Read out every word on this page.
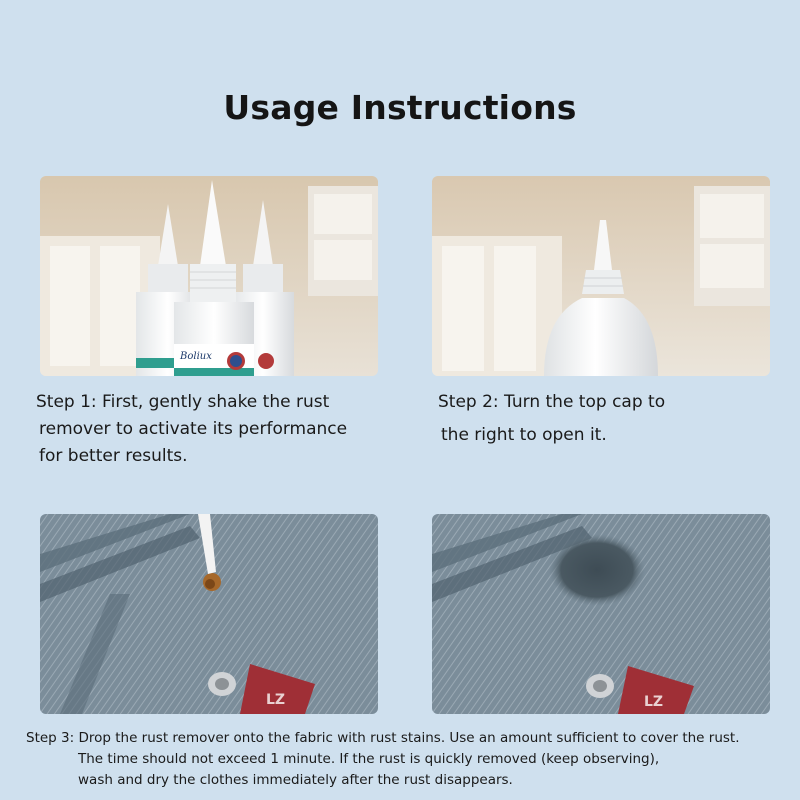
Usage Instructions
Boliux
LZ	LZ
Step 1: First, gently shake the rust
remover to activate its performance
for better results.
Step 2: Turn the top cap to
the right to open it.
Step 3: Drop the rust remover onto the fabric with rust stains. Use an amount sufficient to cover the rust.
The time should not exceed 1 minute. If the rust is quickly removed (keep observing),
wash and dry the clothes immediately after the rust disappears.
